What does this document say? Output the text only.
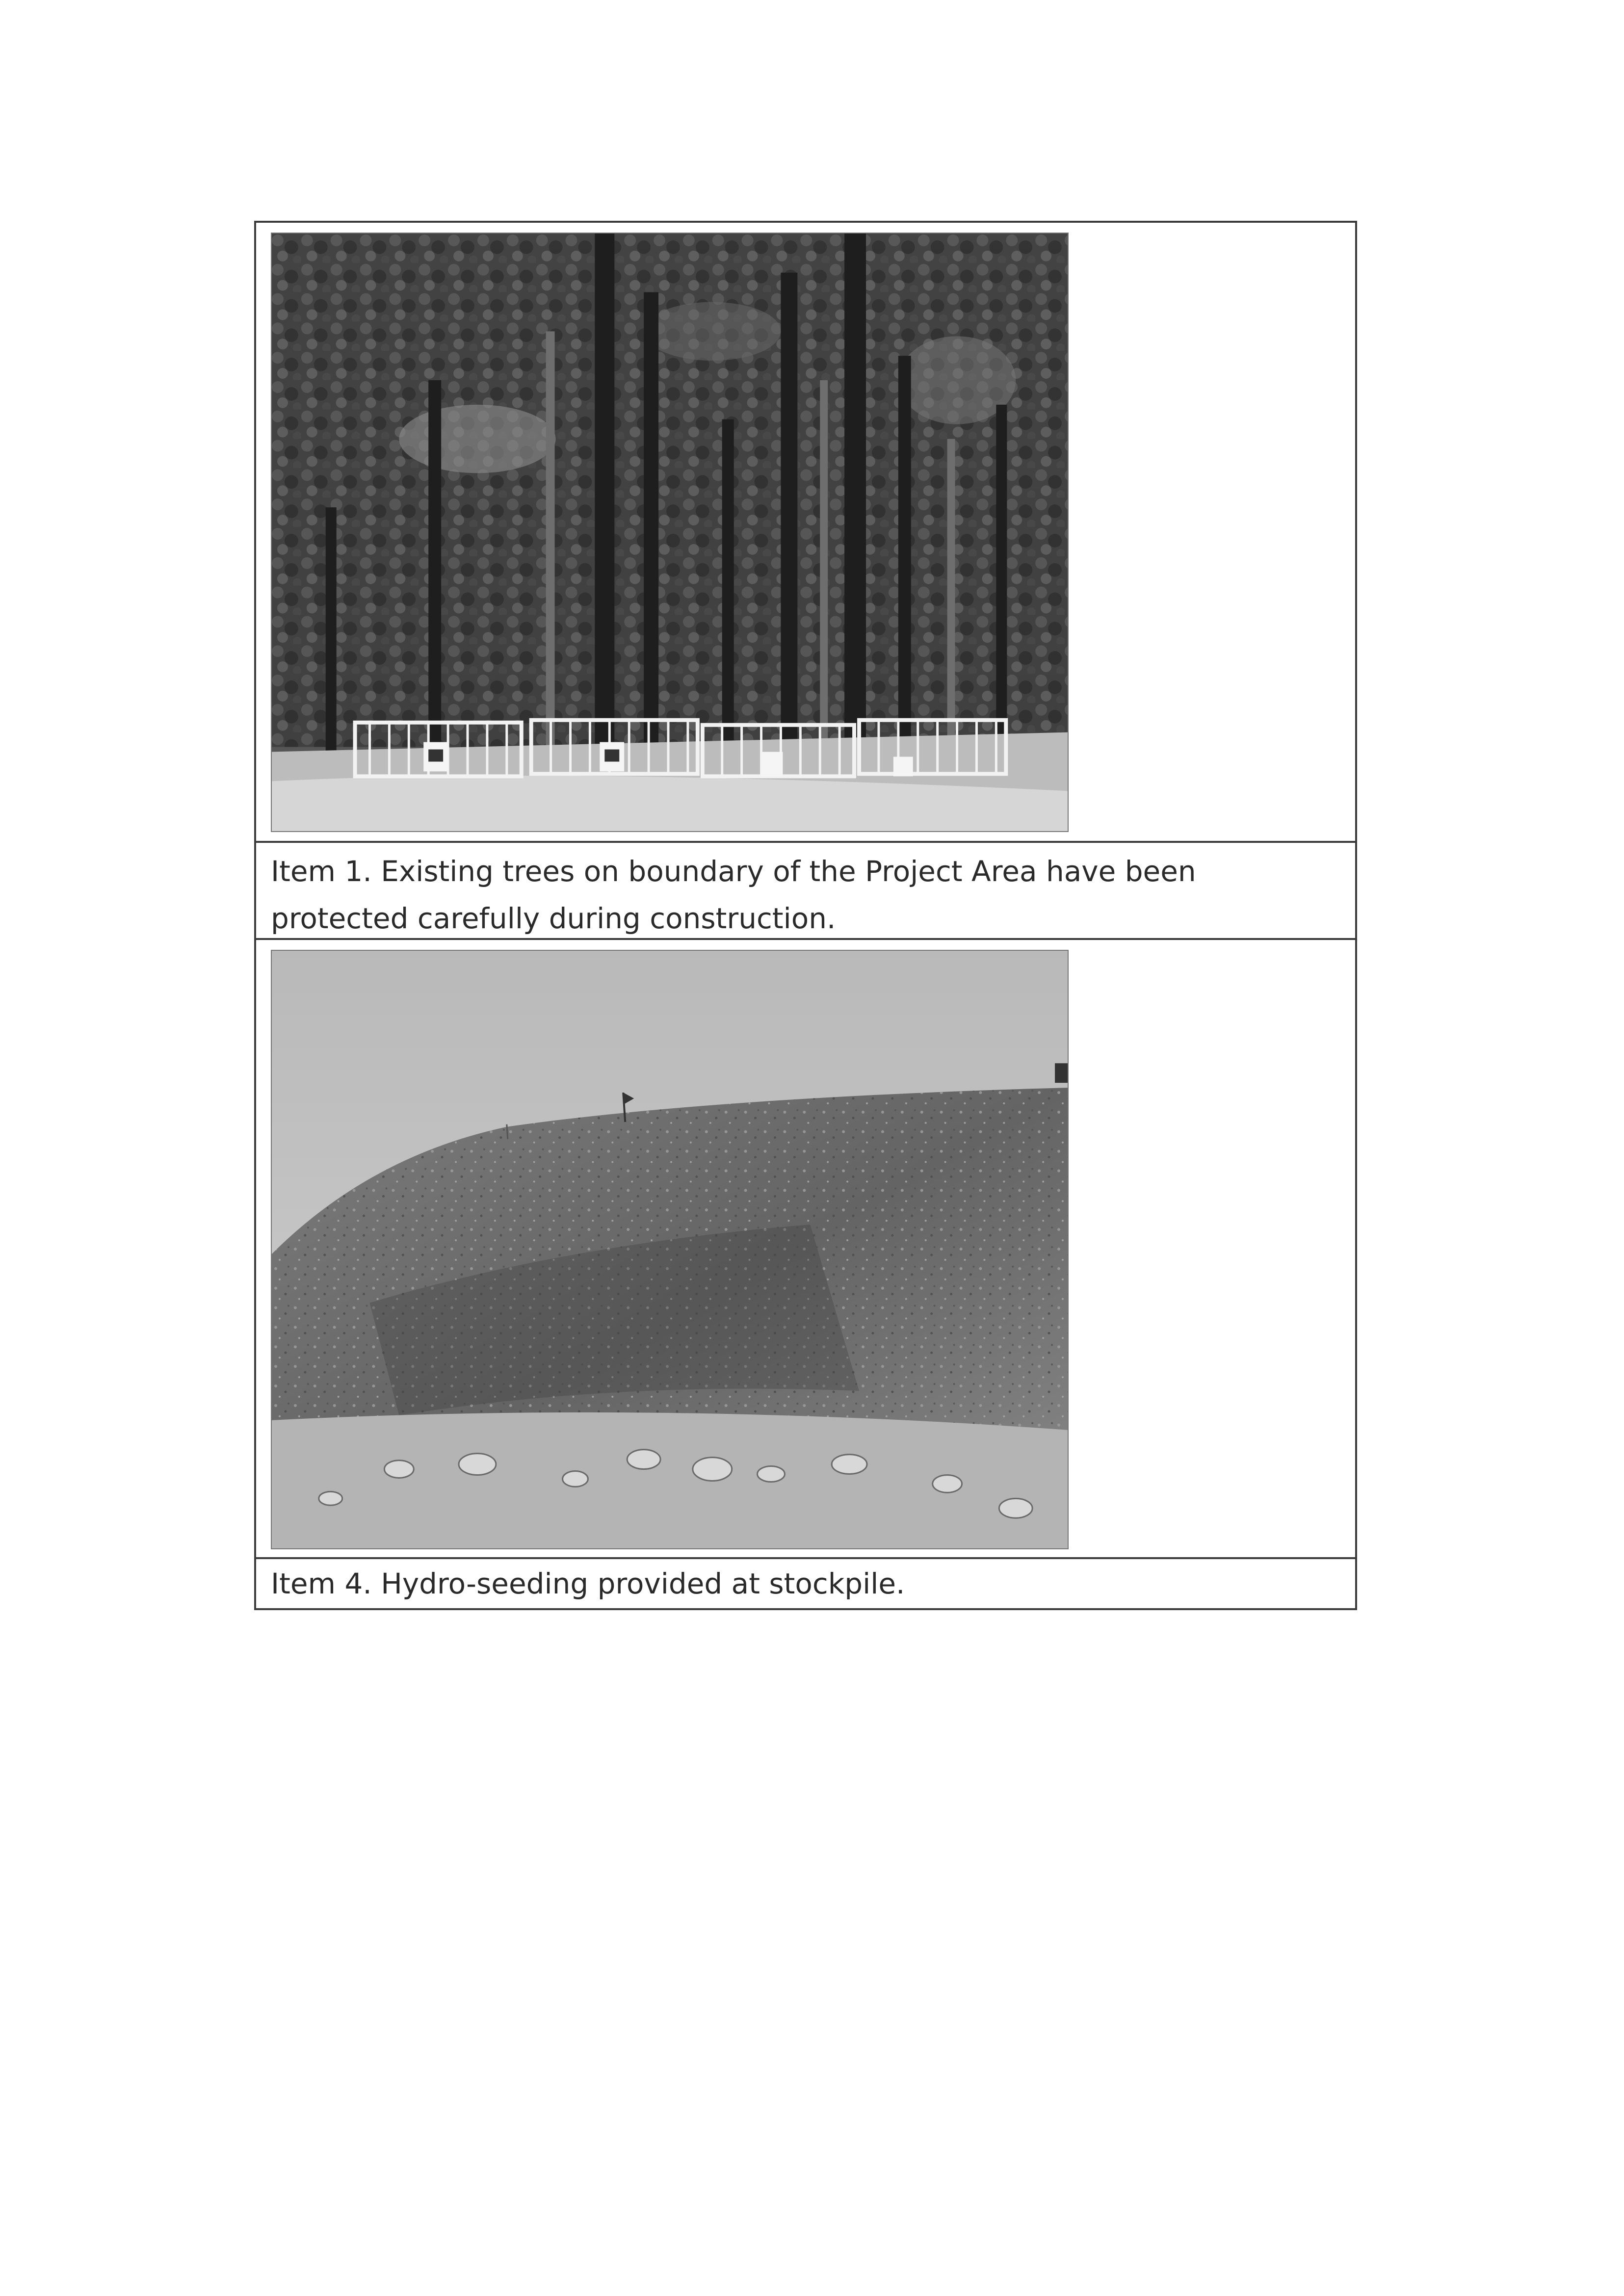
Item 1. Existing trees on boundary of the Project Area have been protected carefully during construction.
Item 4. Hydro-seeding provided at stockpile.
